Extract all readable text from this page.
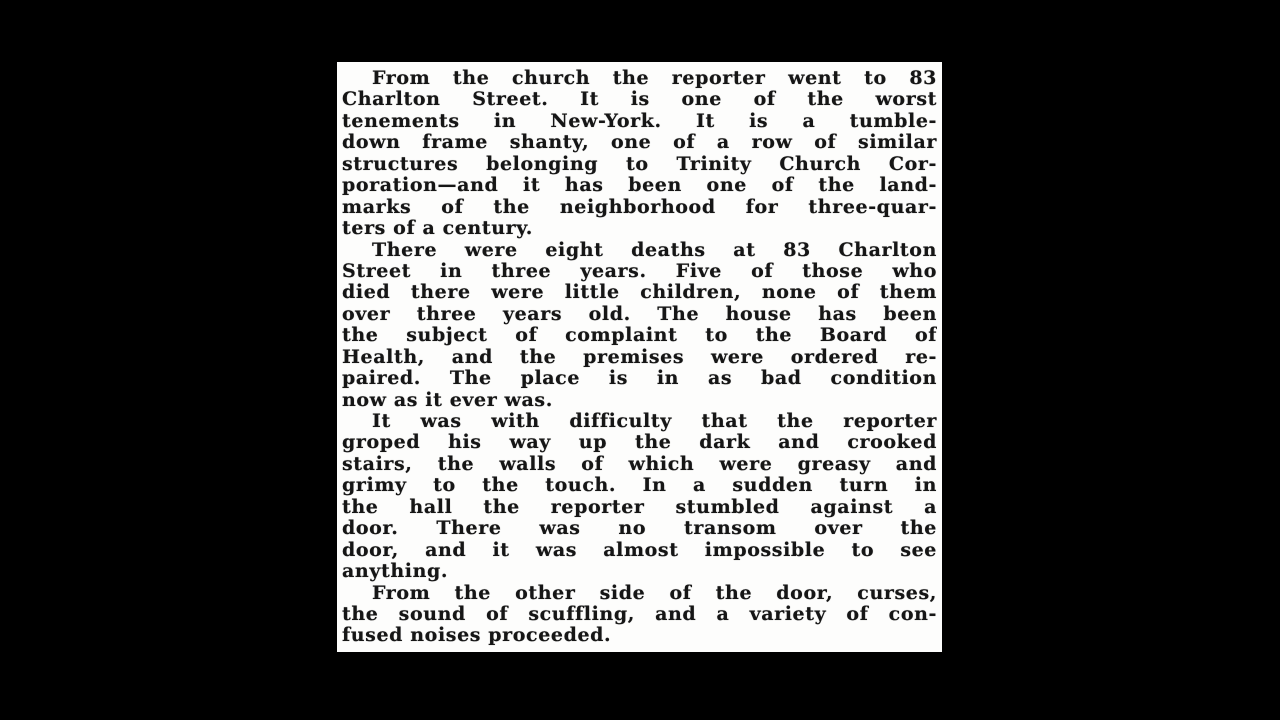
From the church the reporter went to 83
Charlton Street. It is one of the worst
tenements in New-York. It is a tumble-
down frame shanty, one of a row of similar
structures belonging to Trinity Church Cor-
poration—and it has been one of the land-
marks of the neighborhood for three-quar-
ters of a century.
There were eight deaths at 83 Charlton
Street in three years. Five of those who
died there were little children, none of them
over three years old. The house has been
the subject of complaint to the Board of
Health, and the premises were ordered re-
paired. The place is in as bad condition
now as it ever was.
It was with difficulty that the reporter
groped his way up the dark and crooked
stairs, the walls of which were greasy and
grimy to the touch. In a sudden turn in
the hall the reporter stumbled against a
door. There was no transom over the
door, and it was almost impossible to see
anything.
From the other side of the door, curses,
the sound of scuffling, and a variety of con-
fused noises proceeded.
